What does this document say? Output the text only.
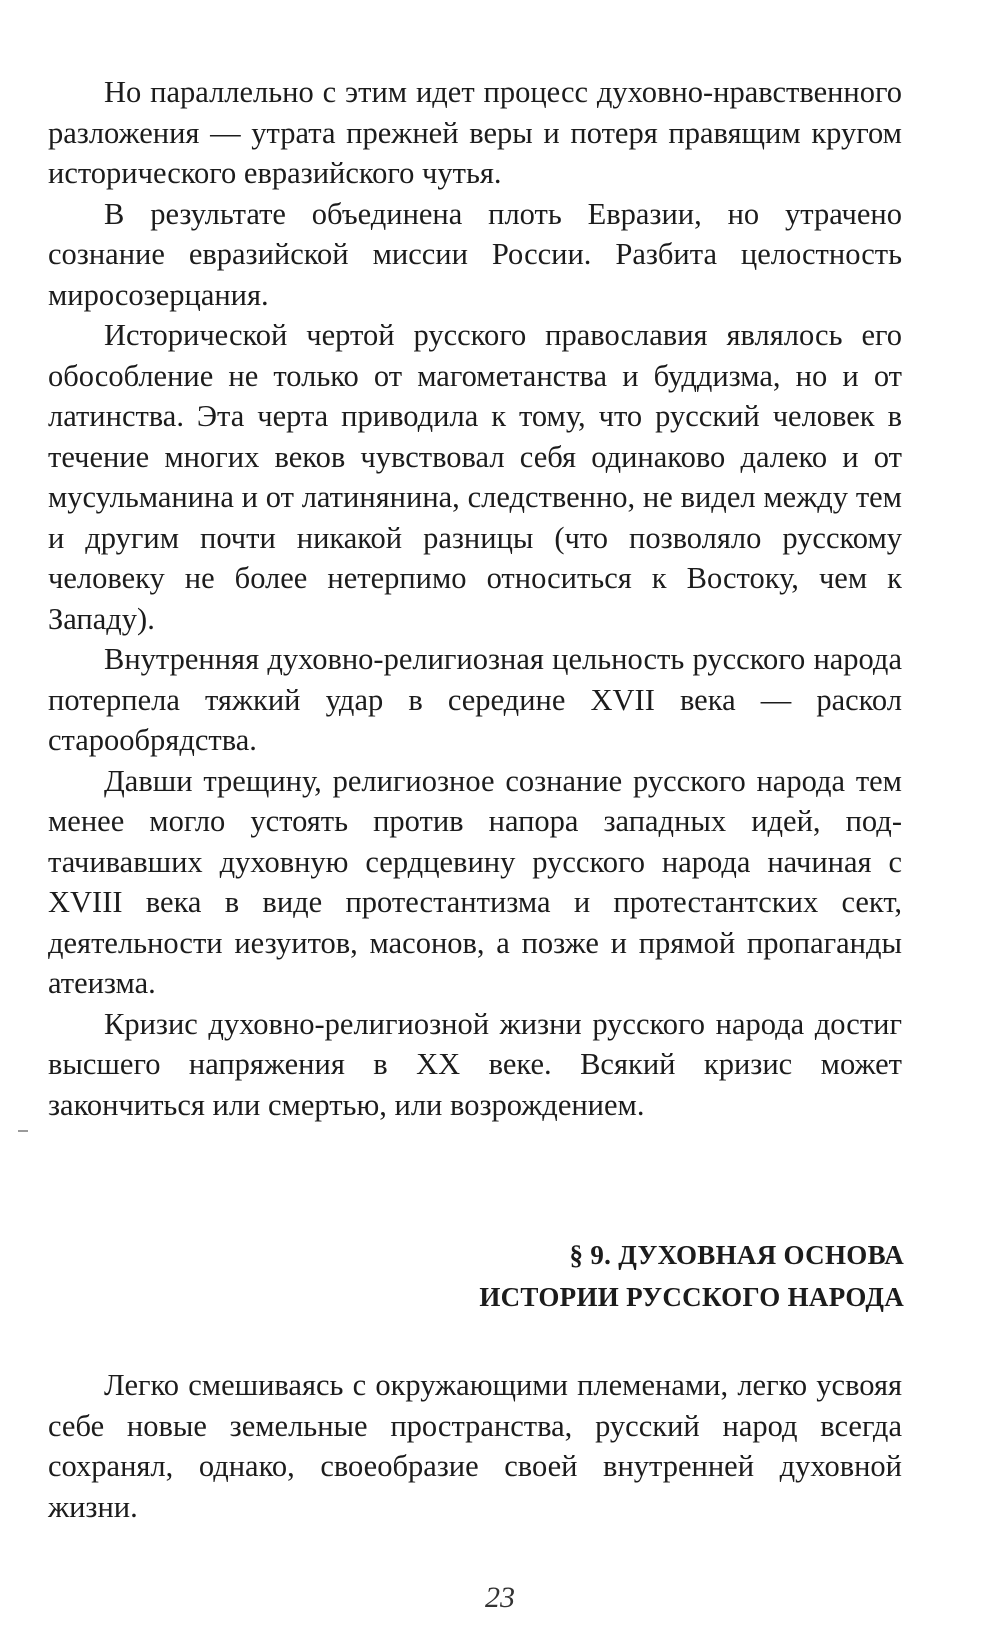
Но параллельно с этим идет процесс духовно-нравственного разложения — утрата прежней веры и потеря правящим кругом исторического евразийского чутья.

В результате объединена плоть Евразии, но утрачено сознание евразийской миссии России. Разбита целостность миросозерцания.

Исторической чертой русского православия являлось его обособление не только от магометанства и буддизма, но и от латинства. Эта черта приводила к тому, что русский человек в течение многих веков чувствовал себя одинаково далеко и от мусульманина и от латинянина, следственно, не видел между тем и другим почти никакой разницы (что позволяло русскому человеку не более нетерпимо относиться к Востоку, чем к Западу).

Внутренняя духовно-религиозная цельность русского народа потерпела тяжкий удар в середине XVII века — раскол старообрядства.

Давши трещину, религиозное сознание русского народа тем менее могло устоять против напора западных идей, подтачивавших духовную сердцевину русского народа начиная с XVIII века в виде протестантизма и протестантских сект, деятельности иезуитов, масонов, а позже и прямой пропаганды атеизма.

Кризис духовно-религиозной жизни русского народа достиг высшего напряжения в XX веке. Всякий кризис может закончиться или смертью, или возрождением.

§ 9. ДУХОВНАЯ ОСНОВА
ИСТОРИИ РУССКОГО НАРОДА

Легко смешиваясь с окружающими племенами, легко усвояя себе новые земельные пространства, русский народ всегда сохранял, однако, своеобразие своей внутренней духовной жизни.

23
